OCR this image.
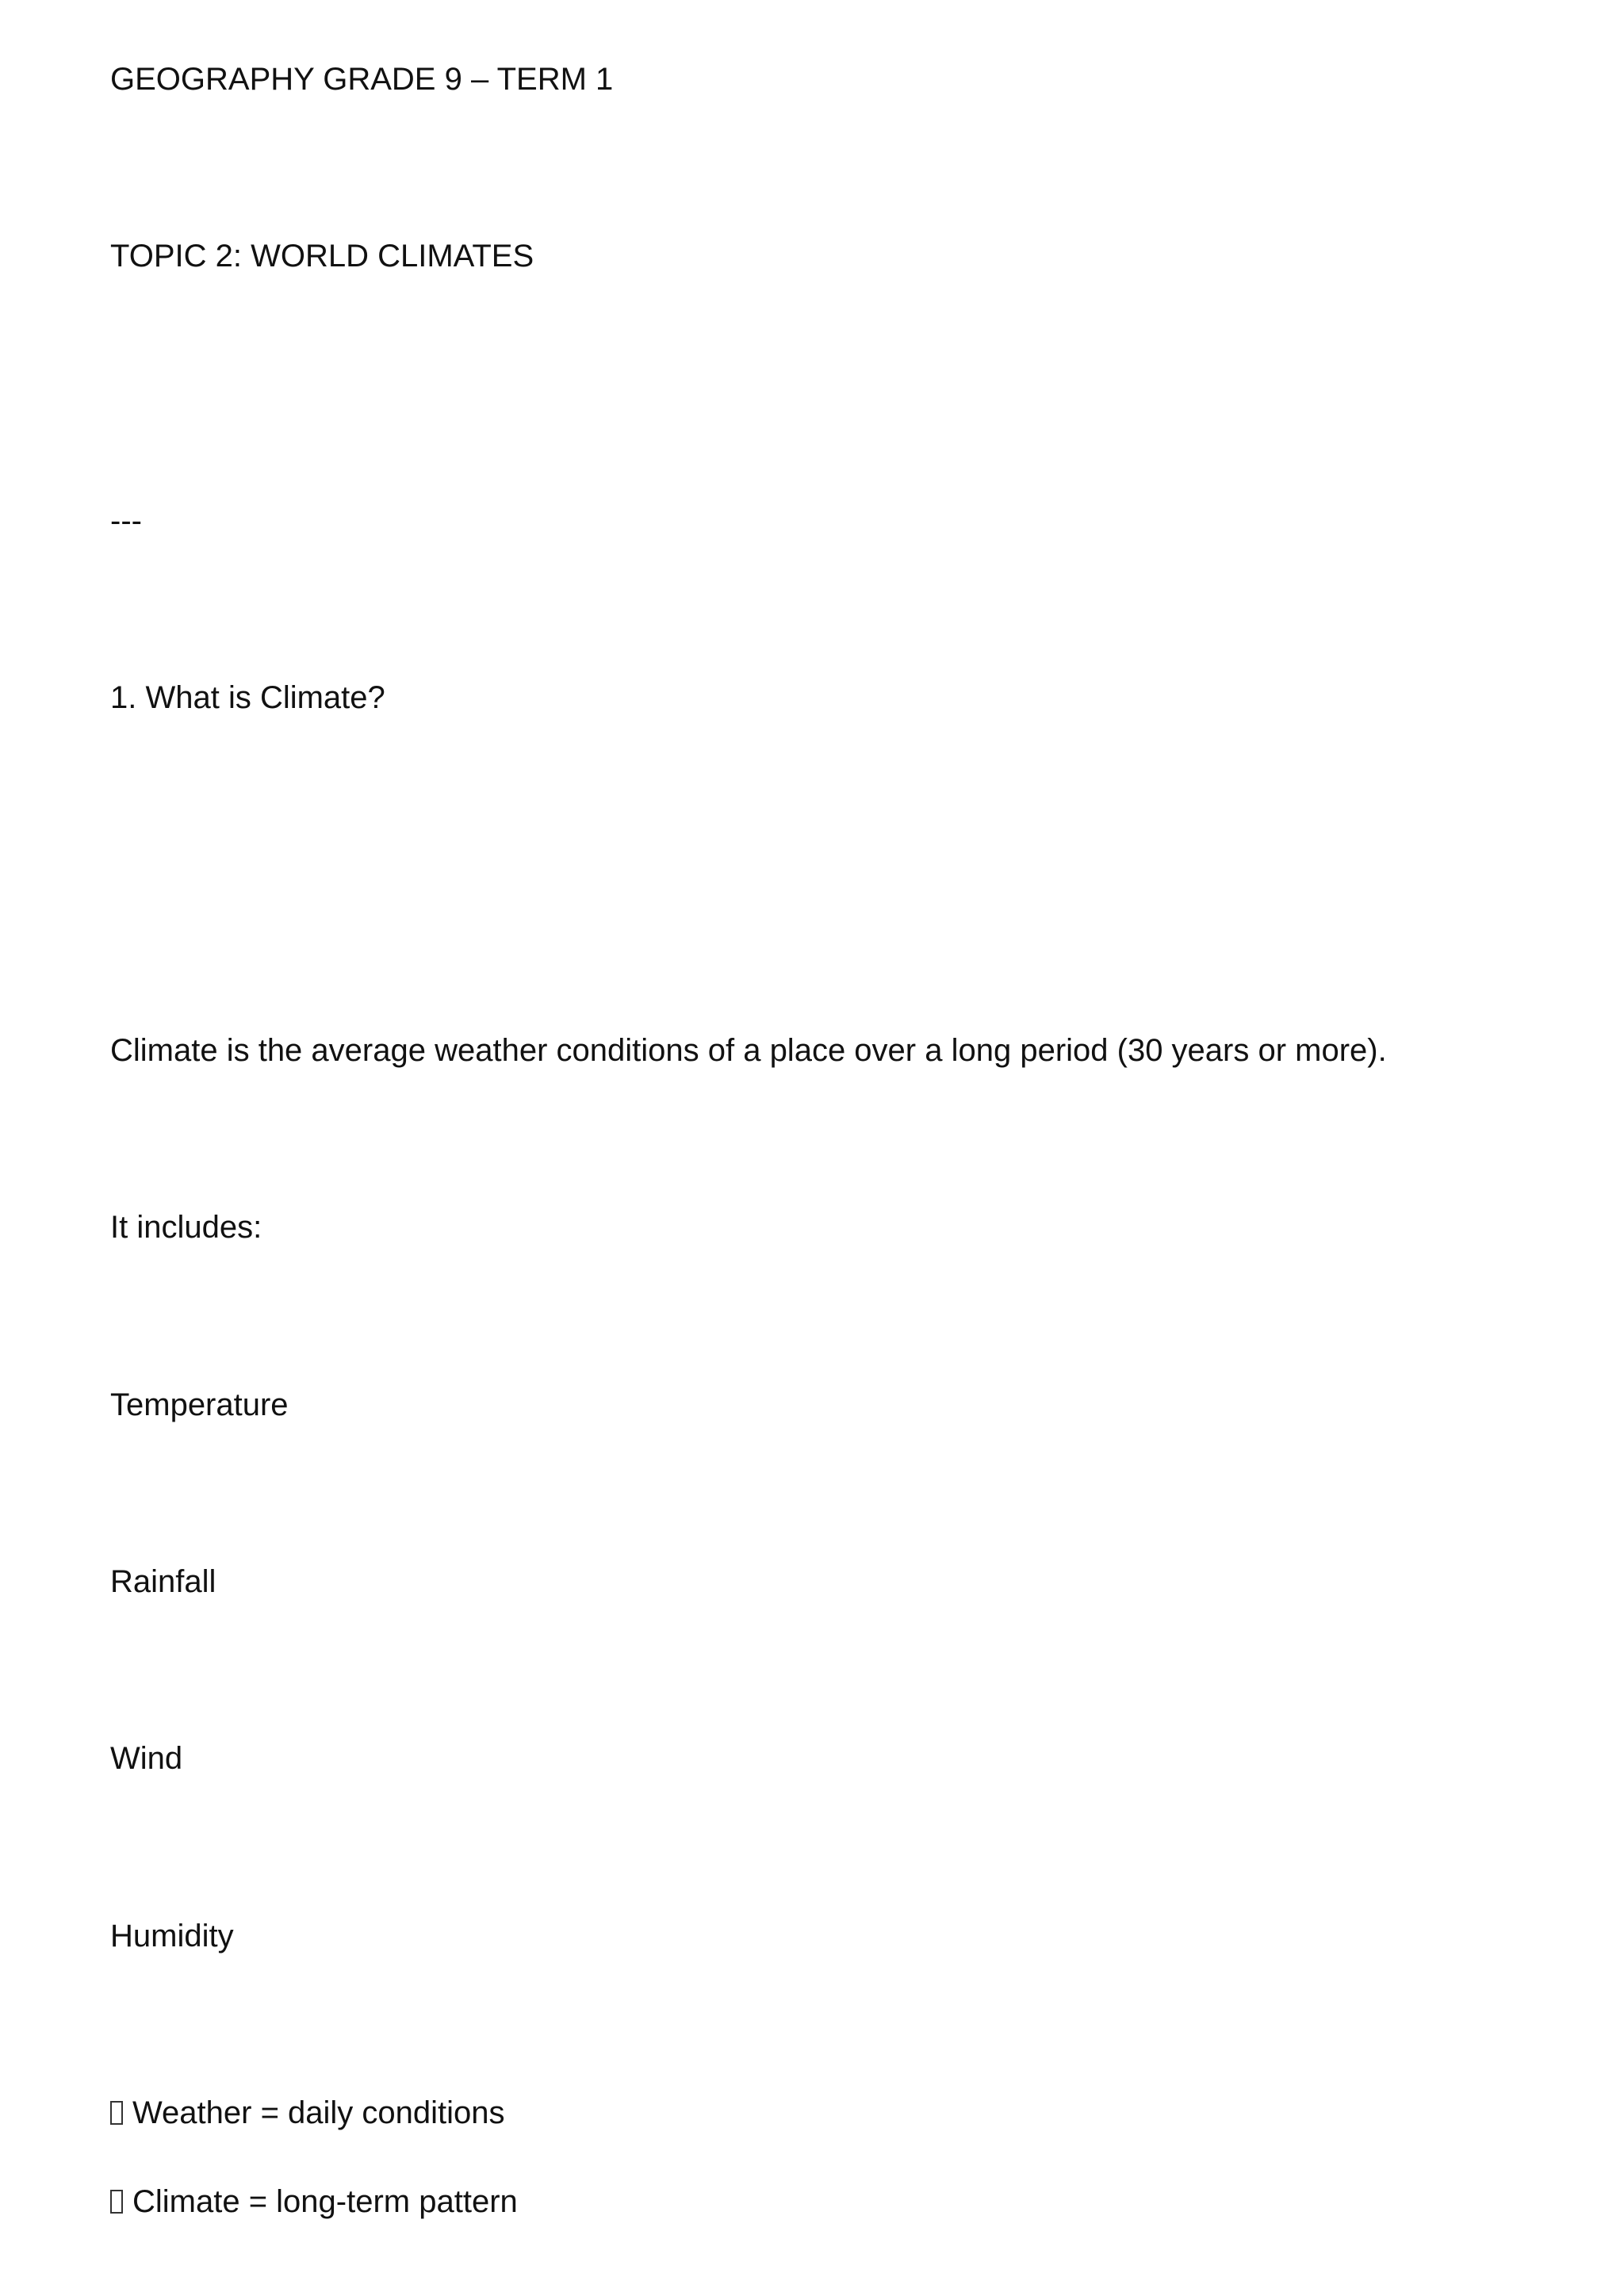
GEOGRAPHY GRADE 9 – TERM 1

TOPIC 2: WORLD CLIMATES

---

1. What is Climate?

Climate is the average weather conditions of a place over a long period (30 years or more).

It includes:

Temperature

Rainfall

Wind

Humidity

Weather = daily conditions

Climate = long-term pattern
